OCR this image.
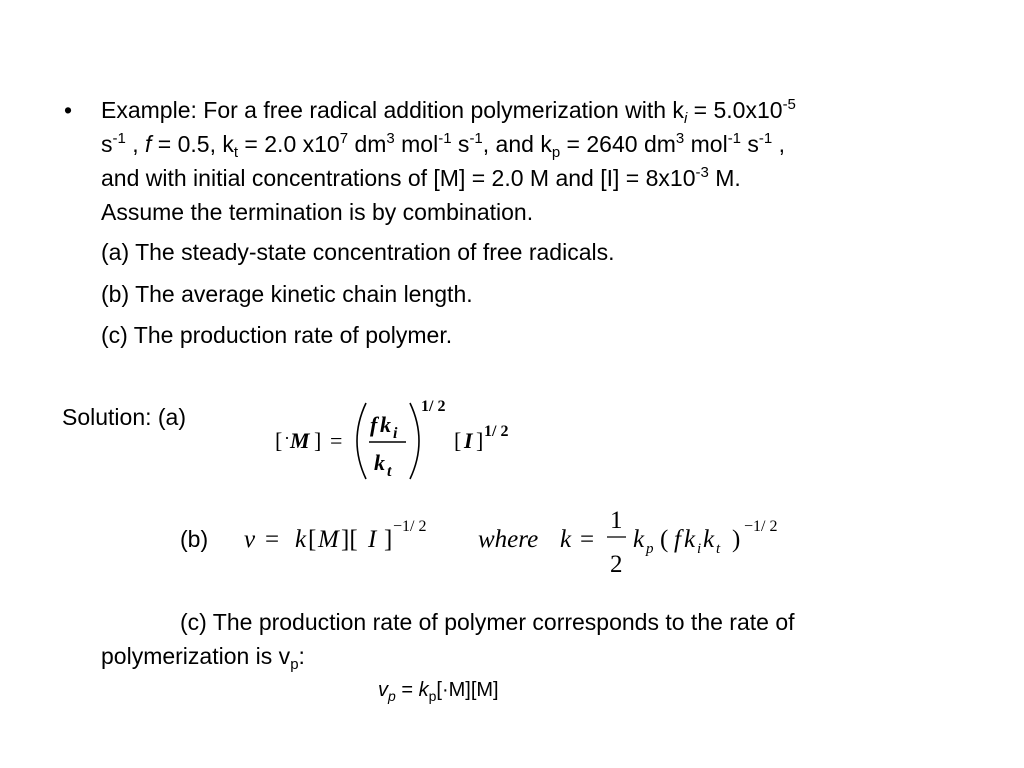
• Example: For a free radical addition polymerization with $k_i = 5.0x10^{-5}$
$s^{-1}$ , f = 0.5, $k_t = 2.0$ $x10^7$ $dm^3$ mol$^{-1}$ $s^{-1}$, and $k_p = 2640$ $dm^3$ mol$^{-1}$ $s^{-1}$ ,
and with initial concentrations of [M] = 2.0 M and $[I] = 8x10^{-3}$ M.
Assume the termination is by combination.
(a) The steady-state concentration of free radicals.
(b) The average kinetic chain length.
(c) The production rate of polymer.
Solution: (a)
[ · M ] =
f k i
k t
1/ 2
[ I ] 1/ 2
(b) v = k [ M ][ I ] −1/ 2 where k =
1
2
k p ( f k i k t ) −1/ 2
(c) The production rate of polymer corresponds to the rate of
polymerization is $v_p$:
$v_p = k_p[\cdot M][M]$
